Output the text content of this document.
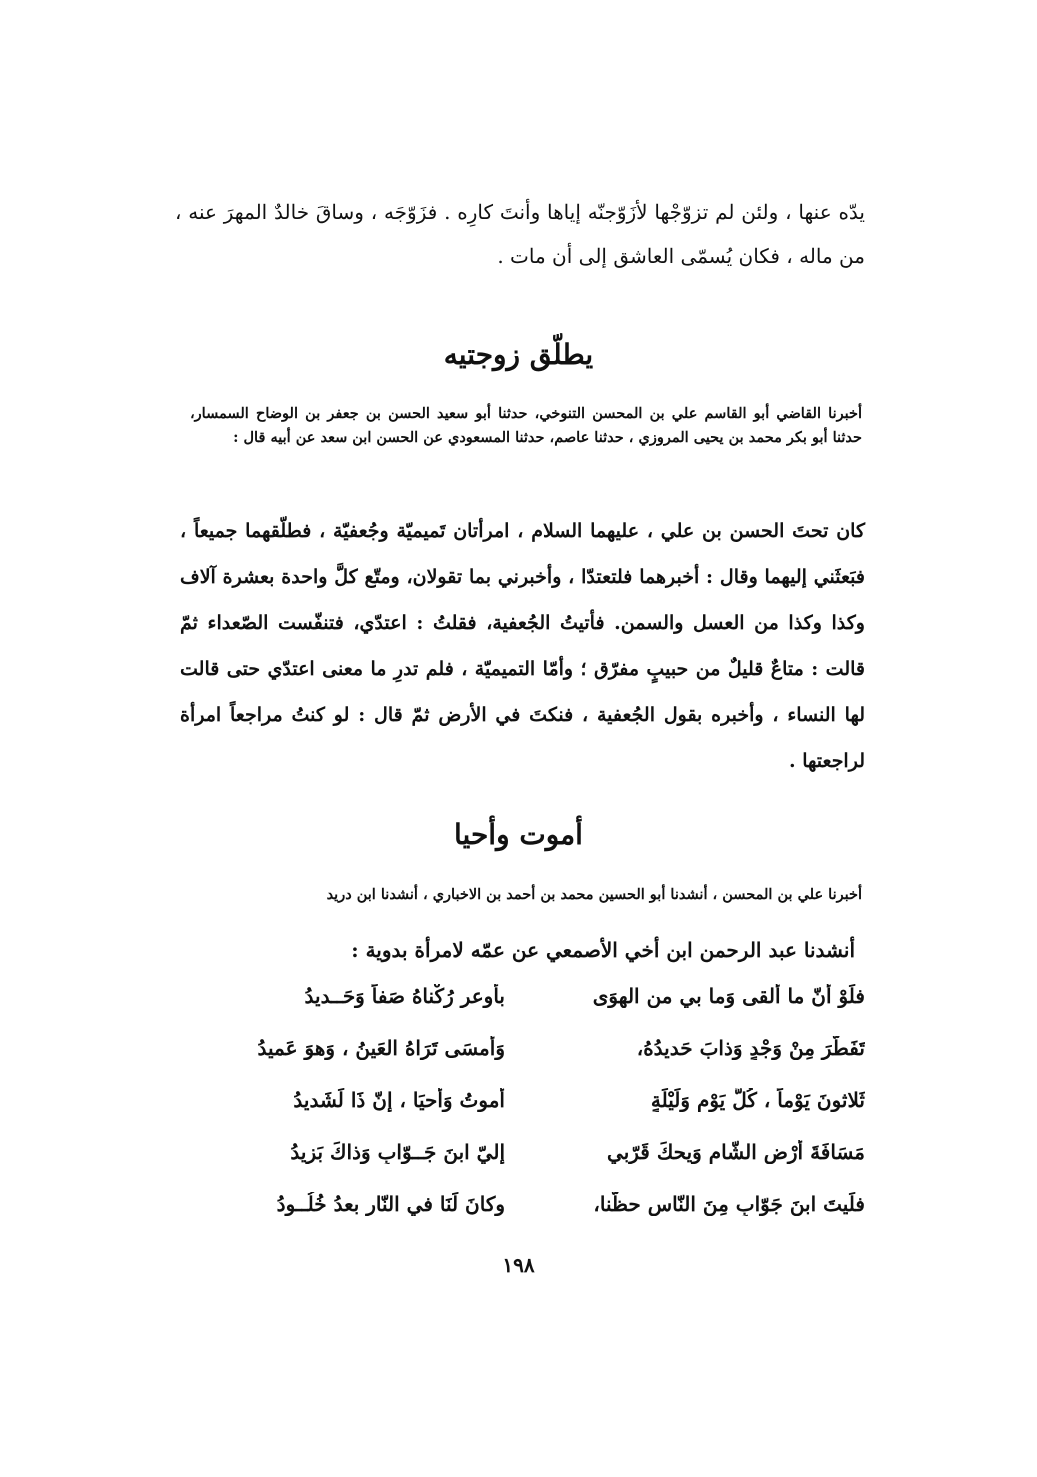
يدّه عنها ، ولئن لم تزوّجْها لأزَوّجنّه إياها وأنتَ كارِه . فزَوّجَه ، وساقَ خالدٌ المهرَ عنه ، من ماله ، فكان يُسمّى العاشق إلى أن مات .
يطلّق زوجتيه
أخبرنا القاضي أبو القاسم علي بن المحسن التنوخي، حدثنا أبو سعيد الحسن بن جعفر بن الوضاح السمسار، حدثنا أبو بكر محمد بن يحيى المروزي ، حدثنا عاصم، حدثنا المسعودي عن الحسن ابن سعد عن أبيه قال :
كان تحتَ الحسن بن علي ، عليهما السلام ، امرأتان تَميميّة وجُعفيّة ، فطلّقهما جميعاً ، فبَعثَني إليهما وقال : أخبرهما فلتعتدّا ، وأخبرني بما تقولان، ومتّع كلَّ واحدة بعشرة آلاف وكذا وكذا من العسل والسمن. فأتيتُ الجُعفية، فقلتُ : اعتدّي، فتنفّست الصّعداء ثمّ قالت : متاعٌ قليلٌ من حبيبٍ مفرّق ؛ وأمّا التميميّة ، فلم تدرِ ما معنى اعتدّي حتى قالت لها النساء ، وأخبره بقول الجُعفية ، فنكتَ في الأرض ثمّ قال : لو كنتُ مراجعاً امرأة لراجعتها .
أموت وأحيا
أخبرنا علي بن المحسن ، أنشدنا أبو الحسين محمد بن أحمد بن الاخباري ، أنشدنا ابن دريد
أنشدنا عبد الرحمن ابن أخي الأصمعي عن عمّه لامرأة بدوية :
فلَوْ أنّ ما ألقى وَما بي من الهوَى
بأوعر رُكْناهُ صَفاً وَحَــديدُ
تَفَطّرَ مِنْ وَجْدٍ وَذابَ حَديدُهُ،
وَأمسَى تَرَاهُ العَينُ ، وَهوَ عَميدُ
ثَلاثونَ يَوْماً ، كُلَّ يَوْمٍ وَلَيْلَةٍ
أموتُ وَأحيَا ، إنّ ذَا لَشَديدُ
مَسَافَةَ أرْضِ الشّامِ وَيحكَ قَرّبي
إليّ ابنَ جَــوّابٍ وَذاكَ بَزيدُ
فلَيتَ ابنَ جَوّابٍ مِنَ النّاسِ حظُّنا،
وكانَ لَنَا في النّارِ بعدُ خُلُــودُ
١٩٨
